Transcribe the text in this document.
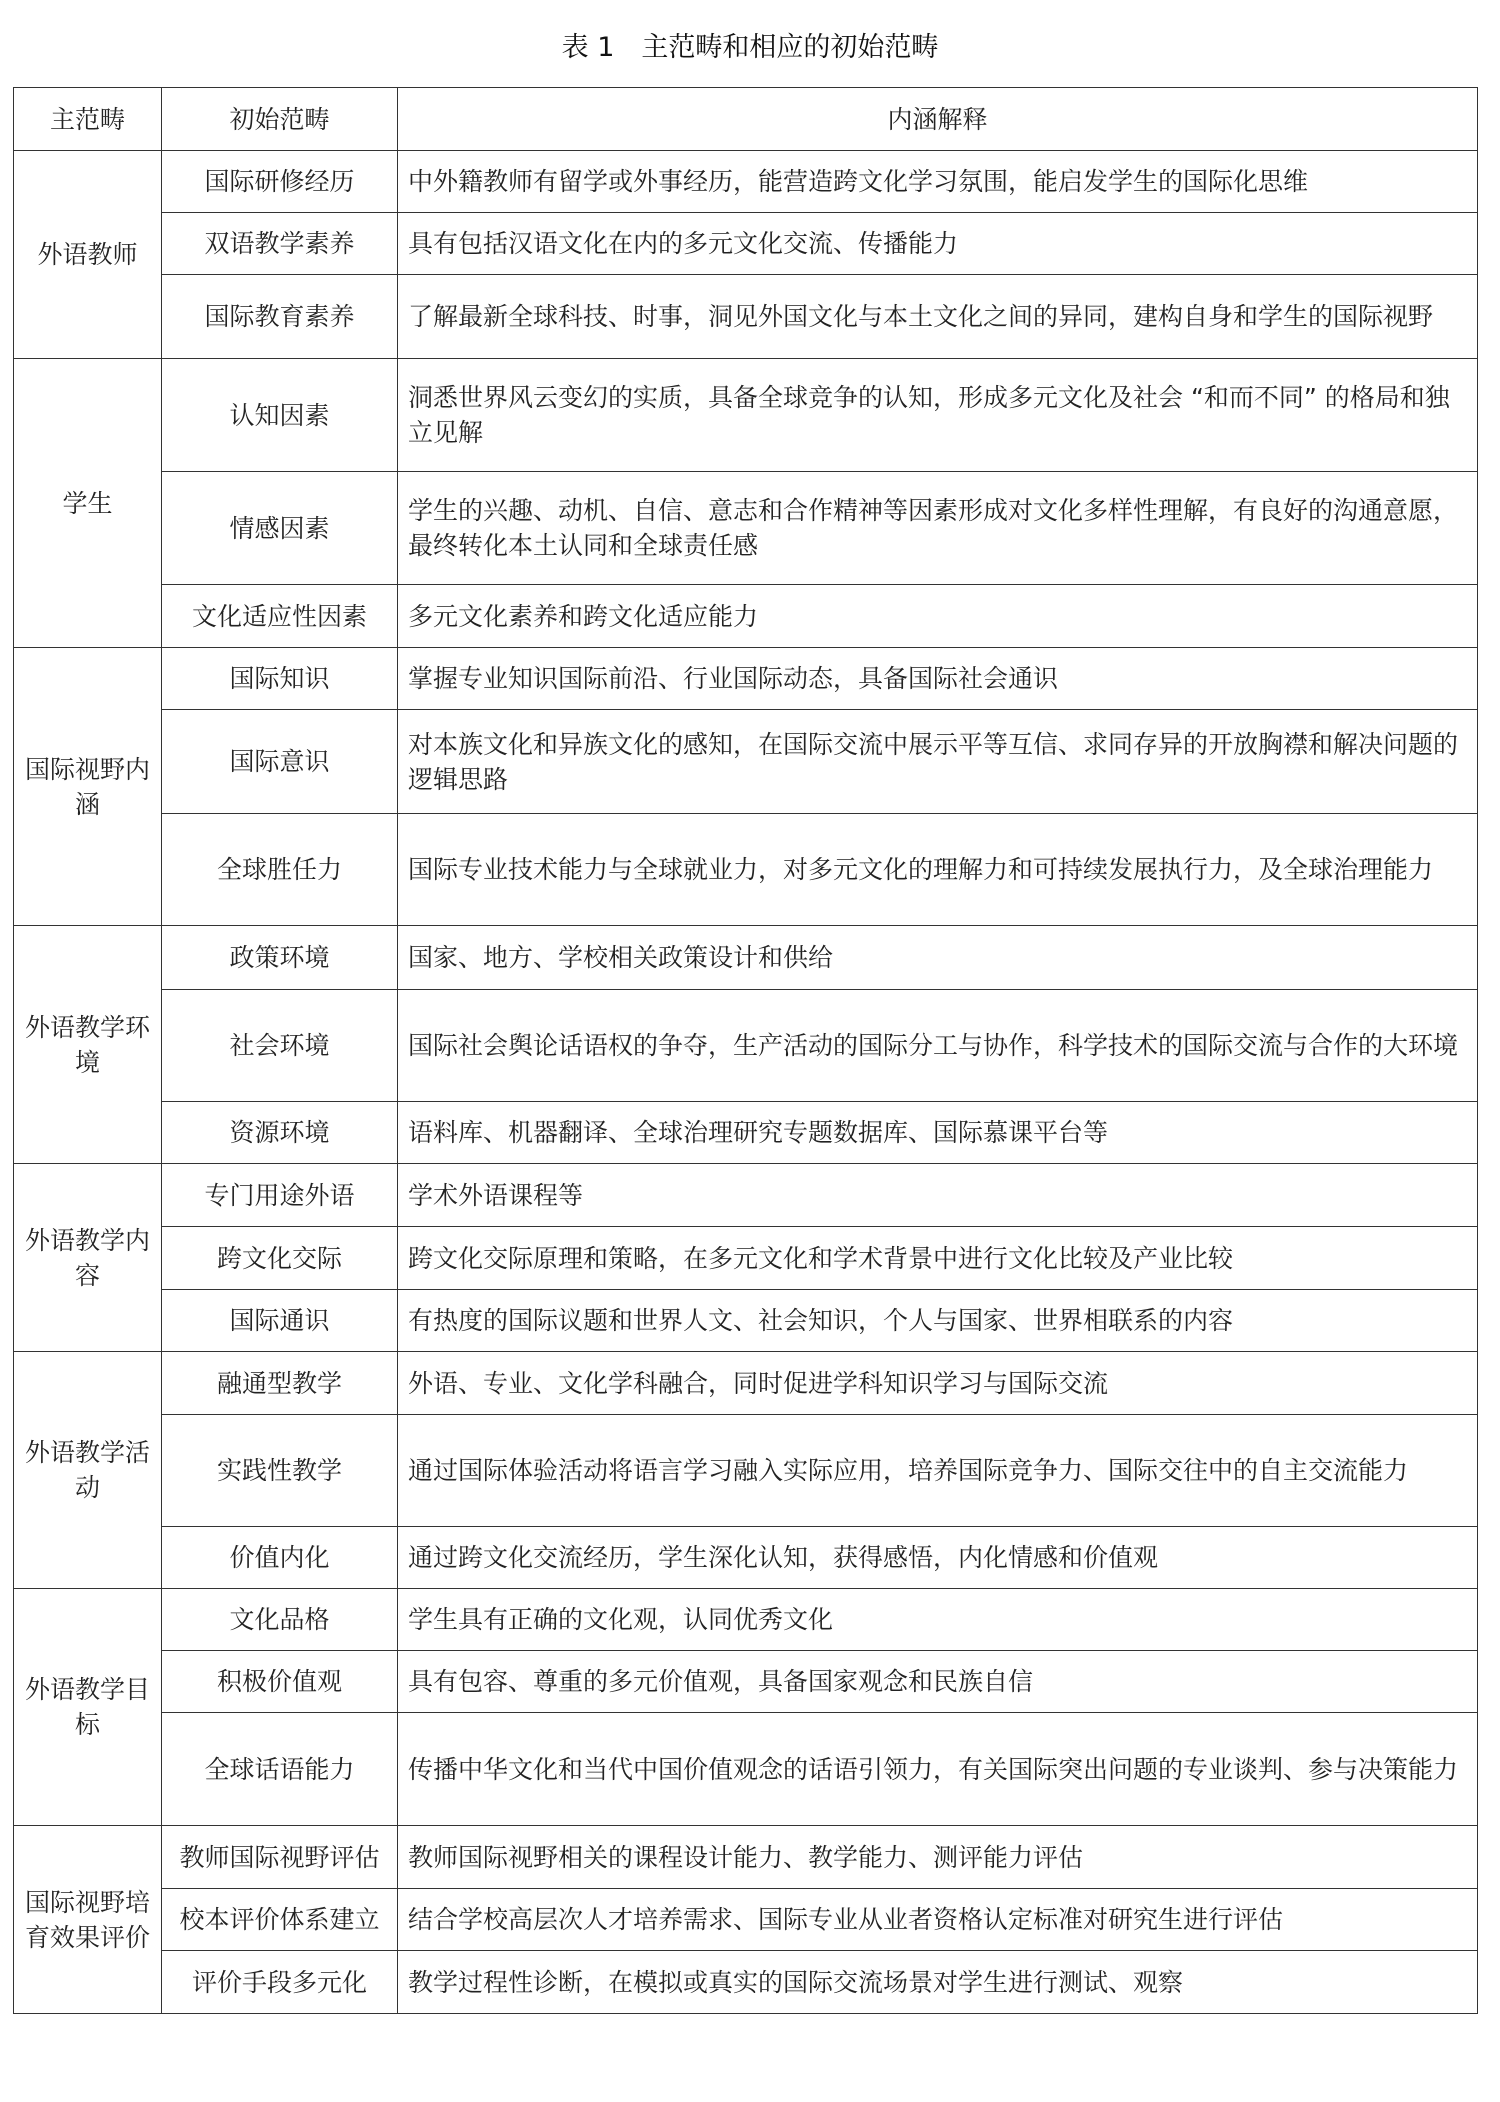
表 1　主范畴和相应的初始范畴
主范畴	初始范畴	内涵解释
外语教师	国际研修经历	中外籍教师有留学或外事经历，能营造跨文化学习氛围，能启发学生的国际化思维
	双语教学素养	具有包括汉语文化在内的多元文化交流、传播能力
	国际教育素养	了解最新全球科技、时事，洞见外国文化与本土文化之间的异同，建构自身和学生的国际视野
学生	认知因素	洞悉世界风云变幻的实质，具备全球竞争的认知，形成多元文化及社会 “和而不同” 的格局和独立见解
	情感因素	学生的兴趣、动机、自信、意志和合作精神等因素形成对文化多样性理解，有良好的沟通意愿，最终转化本土认同和全球责任感
	文化适应性因素	多元文化素养和跨文化适应能力
国际视野内涵	国际知识	掌握专业知识国际前沿、行业国际动态，具备国际社会通识
	国际意识	对本族文化和异族文化的感知，在国际交流中展示平等互信、求同存异的开放胸襟和解决问题的逻辑思路
	全球胜任力	国际专业技术能力与全球就业力，对多元文化的理解力和可持续发展执行力，及全球治理能力
外语教学环境	政策环境	国家、地方、学校相关政策设计和供给
	社会环境	国际社会舆论话语权的争夺，生产活动的国际分工与协作，科学技术的国际交流与合作的大环境
	资源环境	语料库、机器翻译、全球治理研究专题数据库、国际慕课平台等
外语教学内容	专门用途外语	学术外语课程等
	跨文化交际	跨文化交际原理和策略，在多元文化和学术背景中进行文化比较及产业比较
	国际通识	有热度的国际议题和世界人文、社会知识，个人与国家、世界相联系的内容
外语教学活动	融通型教学	外语、专业、文化学科融合，同时促进学科知识学习与国际交流
	实践性教学	通过国际体验活动将语言学习融入实际应用，培养国际竞争力、国际交往中的自主交流能力
	价值内化	通过跨文化交流经历，学生深化认知，获得感悟，内化情感和价值观
外语教学目标	文化品格	学生具有正确的文化观，认同优秀文化
	积极价值观	具有包容、尊重的多元价值观，具备国家观念和民族自信
	全球话语能力	传播中华文化和当代中国价值观念的话语引领力，有关国际突出问题的专业谈判、参与决策能力
国际视野培育效果评价	教师国际视野评估	教师国际视野相关的课程设计能力、教学能力、测评能力评估
	校本评价体系建立	结合学校高层次人才培养需求、国际专业从业者资格认定标准对研究生进行评估
	评价手段多元化	教学过程性诊断，在模拟或真实的国际交流场景对学生进行测试、观察
